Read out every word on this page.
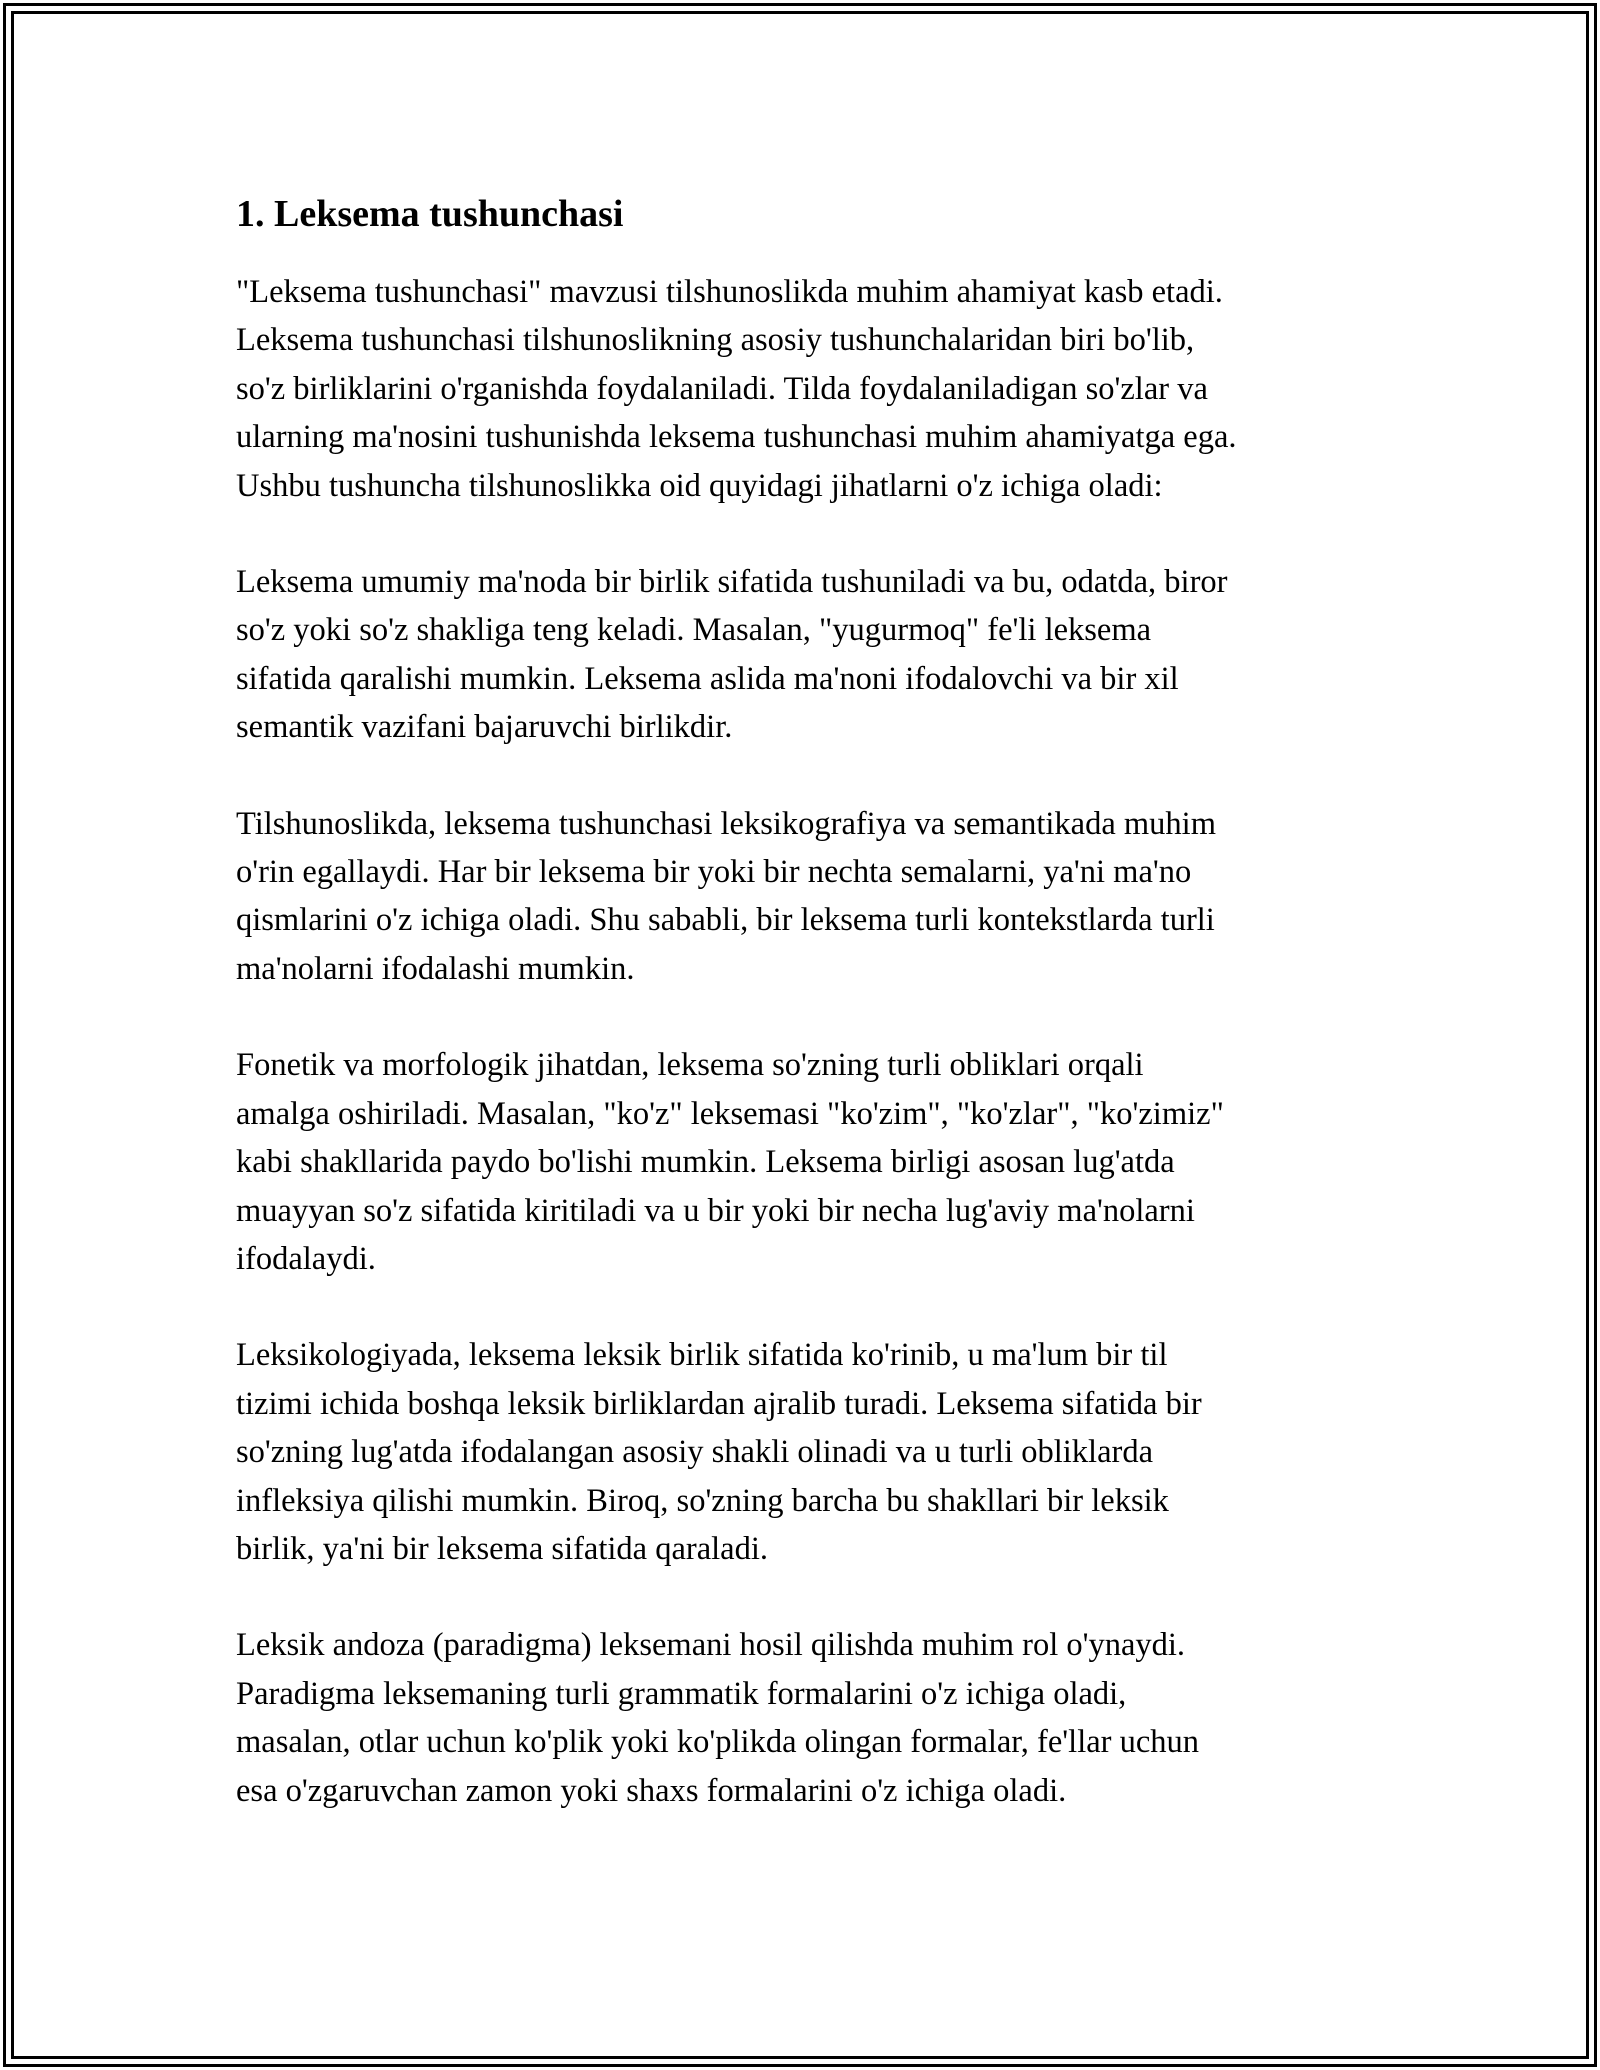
1. Leksema tushunchasi

"Leksema tushunchasi" mavzusi tilshunoslikda muhim ahamiyat kasb etadi.
Leksema tushunchasi tilshunoslikning asosiy tushunchalaridan biri bo'lib,
so'z birliklarini o'rganishda foydalaniladi. Tilda foydalaniladigan so'zlar va
ularning ma'nosini tushunishda leksema tushunchasi muhim ahamiyatga ega.
Ushbu tushuncha tilshunoslikka oid quyidagi jihatlarni o'z ichiga oladi:

Leksema umumiy ma'noda bir birlik sifatida tushuniladi va bu, odatda, biror
so'z yoki so'z shakliga teng keladi. Masalan, "yugurmoq" fe'li leksema
sifatida qaralishi mumkin. Leksema aslida ma'noni ifodalovchi va bir xil
semantik vazifani bajaruvchi birlikdir.

Tilshunoslikda, leksema tushunchasi leksikografiya va semantikada muhim
o'rin egallaydi. Har bir leksema bir yoki bir nechta semalarni, ya'ni ma'no
qismlarini o'z ichiga oladi. Shu sababli, bir leksema turli kontekstlarda turli
ma'nolarni ifodalashi mumkin.

Fonetik va morfologik jihatdan, leksema so'zning turli obliklari orqali
amalga oshiriladi. Masalan, "ko'z" leksemasi "ko'zim", "ko'zlar", "ko'zimiz"
kabi shakllarida paydo bo'lishi mumkin. Leksema birligi asosan lug'atda
muayyan so'z sifatida kiritiladi va u bir yoki bir necha lug'aviy ma'nolarni
ifodalaydi.

Leksikologiyada, leksema leksik birlik sifatida ko'rinib, u ma'lum bir til
tizimi ichida boshqa leksik birliklardan ajralib turadi. Leksema sifatida bir
so'zning lug'atda ifodalangan asosiy shakli olinadi va u turli obliklarda
infleksiya qilishi mumkin. Biroq, so'zning barcha bu shakllari bir leksik
birlik, ya'ni bir leksema sifatida qaraladi.

Leksik andoza (paradigma) leksemani hosil qilishda muhim rol o'ynaydi.
Paradigma leksemaning turli grammatik formalarini o'z ichiga oladi,
masalan, otlar uchun ko'plik yoki ko'plikda olingan formalar, fe'llar uchun
esa o'zgaruvchan zamon yoki shaxs formalarini o'z ichiga oladi.
